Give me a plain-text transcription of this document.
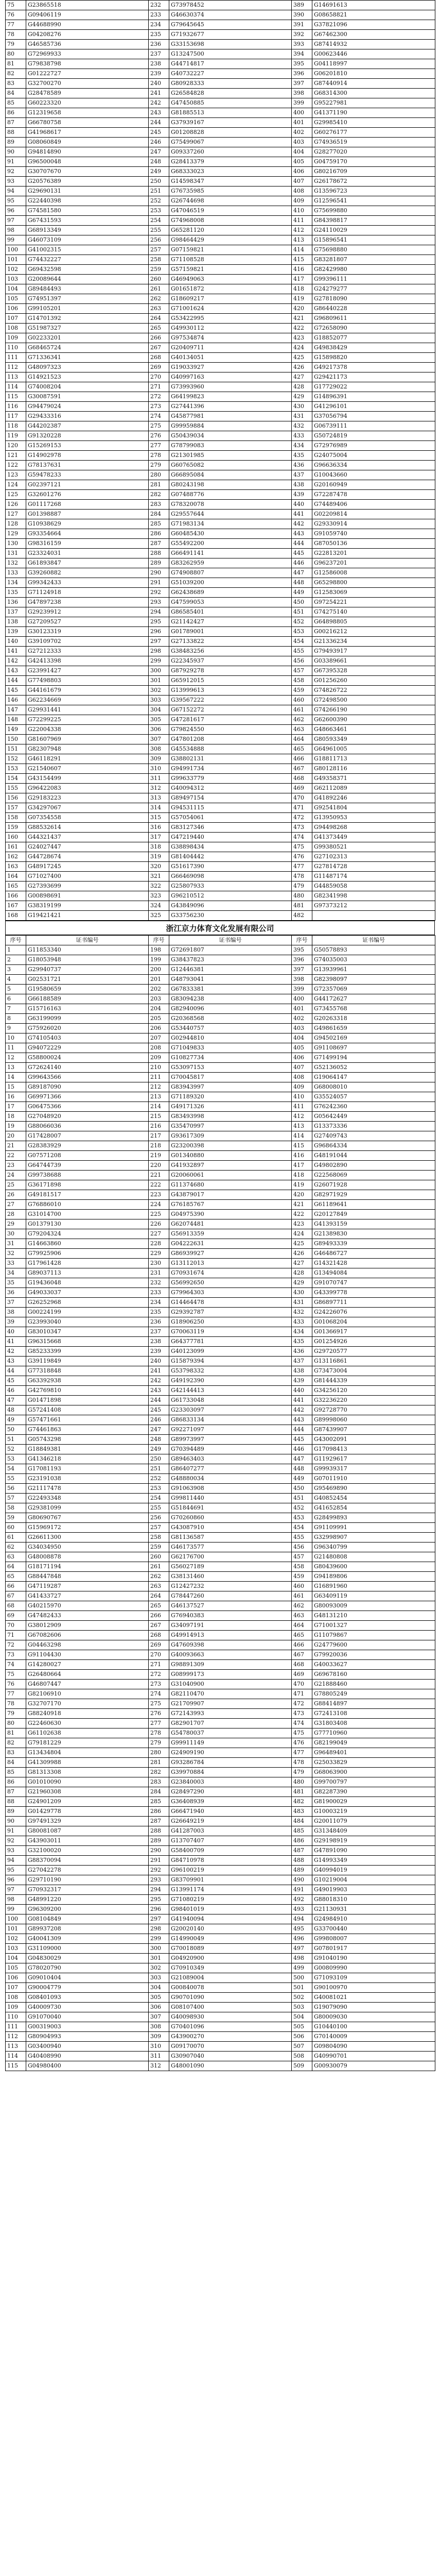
75	G23865518	232	G73978452	389	G14691613
76	G09406119	233	G46630374	390	G08658821
77	G44688990	234	G79645645	391	G37821096
78	G04208276	235	G71932677	392	G67462300
79	G46585736	236	G33153698	393	G87414932
80	G72969933	237	G13247500	394	G00623446
81	G79838798	238	G44714817	395	G04118997
82	G01222727	239	G40732227	396	G06201810
83	G32700270	240	G80928333	397	G87440914
84	G28478589	241	G26584828	398	G68314300
85	G60223320	242	G47450885	399	G95227981
86	G12319658	243	G81885513	400	G41371190
87	G66780758	244	G37939167	401	G29985410
88	G41968617	245	G01208828	402	G60276177
89	G08060849	246	G75499067	403	G74936519
90	G94814890	247	G09337260	404	G28277020
91	G96500048	248	G28413379	405	G04759170
92	G30707670	249	G68333023	406	G80216709
93	G20576389	250	G14598347	407	G26178672
94	G29690131	251	G76735985	408	G13596723
95	G22440398	252	G26744698	409	G12596541
96	G74581580	253	G47046519	410	G75699880
97	G67431593	254	G74968008	411	G84398817
98	G68913349	255	G65281120	412	G24110029
99	G46073109	256	G98464429	413	G15896541
100	G41002315	257	G07159821	414	G75698880
101	G74432227	258	G71108528	415	G83281807
102	G69432598	259	G57159821	416	G82429980
103	G20089644	260	G46949063	417	G99396111
104	G89484493	261	G01651872	418	G24279277
105	G74951397	262	G18609217	419	G27818090
106	G99105201	263	G71001624	420	G86440228
107	G14701392	264	G53422995	421	G96809611
108	G51987327	265	G49930112	422	G72658090
109	G02233201	266	G97534874	423	G18852077
110	G68465724	267	G20409711	424	G49838429
111	G71336341	268	G40134051	425	G15898820
112	G48097323	269	G19033927	426	G49217378
113	G14921523	270	G40997163	427	G29421173
114	G74008204	271	G73993960	428	G17729022
115	G30087591	272	G64199823	429	G14896391
116	G94479024	273	G27441396	430	G41296101
117	G29433316	274	G45877981	431	G37056794
118	G44202387	275	G99959884	432	G06739111
119	G91320228	276	G50439034	433	G50724819
120	G15269153	277	G78799083	434	G72976989
121	G14902978	278	G21301985	435	G24075004
122	G78137631	279	G60765082	436	G96636334
123	G59478233	280	G66895084	437	G10043660
124	G02397121	281	G80243198	438	G20160949
125	G32601276	282	G07488776	439	G72287478
126	G01117268	283	G78320078	440	G74489406
127	G01398887	284	G29557644	441	G02209814
128	G10938629	285	G71983134	442	G29330914
129	G93354664	286	G60485430	443	G91059740
130	G98316159	287	G55492200	444	G87050136
131	G23324031	288	G66491141	445	G22813201
132	G61893847	289	G83262959	446	G96237201
133	G39260882	290	G74908807	447	G12586008
134	G99342433	291	G51039200	448	G65298800
135	G71124918	292	G62438689	449	G12583069
136	G47897238	293	G47599053	450	G97254221
137	G29239912	294	G86585401	451	G74275140
138	G27209527	295	G21142427	452	G64898805
139	G30123319	296	G01789001	453	G00216212
140	G39109702	297	G27133822	454	G21336234
141	G27212333	298	G38483256	455	G79493917
142	G42413398	299	G22345937	456	G03389661
143	G23991427	300	G87929278	457	G67395328
144	G77498803	301	G65912015	458	G01256260
145	G44161679	302	G13999613	459	G74826722
146	G62234669	303	G39567222	460	G72498500
147	G29931441	304	G67152272	461	G74266190
148	G72299225	305	G47281617	462	G62600390
149	G22004338	306	G79824550	463	G48663461
150	G81607969	307	G47801208	464	G80593349
151	G82307948	308	G45534888	465	G64961005
152	G46118291	309	G38802131	466	G18811713
153	G21540607	310	G94991734	467	G80128116
154	G43154499	311	G99633779	468	G49358371
155	G96422083	312	G40094312	469	G62112089
156	G29183223	313	G89497154	470	G41892246
157	G34297067	314	G94531115	471	G92541804
158	G07354558	315	G57054061	472	G13950953
159	G88532614	316	G83127346	473	G94498268
160	G44321437	317	G47219440	474	G41373449
161	G24027447	318	G38898434	475	G99380521
162	G44728674	319	G81404442	476	G27102313
163	G48917245	320	G51617390	477	G27814728
164	G71027400	321	G66469098	478	G11487174
165	G27393699	322	G25807933	479	G44859058
166	G00898691	323	G96210512	480	G82341998
167	G38319199	324	G43849096	481	G97373212
168	G19421421	325	G33756230	482	
浙江京力体育文化发展有限公司
序号	证书编号	序号	证书编号	序号	证书编号
1	G11853340	198	G72691807	395	G50578893
2	G18053948	199	G38437823	396	G74035003
3	G29940737	200	G12446381	397	G13939961
4	G02531721	201	G48793041	398	G82398097
5	G19580659	202	G67833381	399	G72357069
6	G66188589	203	G83094238	400	G44172627
7	G15716163	204	G82940096	401	G73455768
8	G63199099	205	G20368568	402	G20263318
9	G75926020	206	G53440757	403	G49861659
10	G74105403	207	G02944810	404	G94502169
11	G94072229	208	G71049833	405	G91108697
12	G58800024	209	G10827734	406	G71499194
13	G72624140	210	G53097153	407	G52136052
14	G99643566	211	G70045817	408	G19064147
15	G89187090	212	G83943997	409	G68008010
16	G69971366	213	G71189320	410	G35524057
17	G06475366	214	G49171326	411	G76242360
18	G27048920	215	G83493998	412	G05642449
19	G88066036	216	G35470997	413	G13373336
20	G17428007	217	G93617309	414	G27409743
21	G28383929	218	G23200398	415	G96864334
22	G07571208	219	G01340880	416	G48191044
23	G64744739	220	G41932897	417	G49802890
24	G99738688	221	G20060061	418	G22568069
25	G36171898	222	G11374680	419	G26071928
26	G49181517	223	G43879017	420	G82971929
27	G76886010	224	G76185767	421	G61189641
28	G31014700	225	G04975390	422	G20127849
29	G01379130	226	G62074481	423	G41393159
30	G79204324	227	G56913359	424	G21389830
31	G14663860	228	G04222631	425	G89493339
32	G79925906	229	G86939927	426	G46486727
33	G17961428	230	G13112013	427	G14321428
34	G89037113	231	G70931674	428	G13494084
35	G19436048	232	G56992650	429	G91070747
36	G49033037	233	G79964303	430	G43399778
37	G26252968	234	G14464478	431	G86897711
38	G00224199	235	G29392787	432	G24226076
39	G23993040	236	G18906250	433	G01068204
40	G83010347	237	G70063119	434	G01366917
41	G96315668	238	G64377781	435	G01254926
42	G85233399	239	G40123099	436	G29720577
43	G39119849	240	G15879394	437	G13116861
44	G77318848	241	G53798332	438	G73473004
45	G63392938	242	G49192390	439	G81444339
46	G42769810	243	G42144413	440	G34256120
47	G01471898	244	G61733048	441	G32236220
48	G57241408	245	G23303097	442	G92728770
49	G57471661	246	G86833134	443	G89998060
50	G74461863	247	G92271097	444	G87439907
51	G05743298	248	G89973997	445	G43002091
52	G18849381	249	G70394489	446	G17098413
53	G41346218	250	G89463403	447	G11929617
54	G17081193	251	G86407277	448	G99939317
55	G23191038	252	G48880034	449	G07011910
56	G21117478	253	G91063908	450	G95469890
57	G22493348	254	G99811440	451	G40852454
58	G29381099	255	G51844691	452	G41652854
59	G80690767	256	G70260860	453	G28499893
60	G15969172	257	G43087910	454	G91109991
61	G26611300	258	G81136587	455	G32998907
62	G34034950	259	G46173577	456	G96340799
63	G48008878	260	G62176700	457	G21480808
64	G18171194	261	G56027189	458	G80439600
65	G88447848	262	G38131460	459	G94189806
66	G47119287	263	G12427232	460	G16891960
67	G41433727	264	G78447260	461	G63409119
68	G40215970	265	G46137527	462	G80093009
69	G47482433	266	G76940383	463	G48131210
70	G38012909	267	G34097191	464	G71001327
71	G67082606	268	G49914913	465	G11079867
72	G04463298	269	G47609398	466	G24779600
73	G91104430	270	G40093663	467	G79920036
74	G14280027	271	G98891309	468	G40033627
75	G26480664	272	G08999173	469	G69678160
76	G46807447	273	G31040900	470	G21888460
77	G82106910	274	G82110470	471	G78805249
78	G32707170	275	G21709907	472	G88414897
79	G88240918	276	G72143993	473	G72413108
80	G22460630	277	G82901707	474	G31803408
81	G61102638	278	G54780037	475	G77710960
82	G79181229	279	G99911149	476	G82199049
83	G13434804	280	G24909190	477	G96489401
84	G41309988	281	G93286784	478	G25033829
85	G81313308	282	G39970884	479	G68063900
86	G01010090	283	G23840003	480	G99700797
87	G21960308	284	G28497290	481	G82287390
88	G24901209	285	G36408939	482	G81900029
89	G01429778	286	G66471940	483	G10003219
90	G97491329	287	G26649219	484	G20011079
91	G80081087	288	G41287003	485	G31348409
92	G43903011	289	G13707407	486	G29198919
93	G32100020	290	G58400709	487	G47891090
94	G88370094	291	G84710978	488	G14993349
95	G27042278	292	G96100219	489	G40994019
96	G29710190	293	G83709901	490	G10219004
97	G70932317	294	G13991174	491	G49019903
98	G48991220	295	G71080219	492	G88018310
99	G96309200	296	G98401019	493	G21130931
100	G08104849	297	G41940094	494	G24984910
101	G89937208	298	G20020140	495	G33700440
102	G40041309	299	G14990049	496	G99808007
103	G31109000	300	G70018089	497	G07801917
104	G04830029	301	G04920900	498	G91040190
105	G78020790	302	G70910349	499	G00809990
106	G09010404	303	G21089004	500	G71093109
107	G90004779	304	G00840078	501	G90100970
108	G08401093	305	G90701090	502	G40081021
109	G40009730	306	G08107400	503	G19079090
110	G91070040	307	G40098930	504	G80009030
111	G00319003	308	G70401096	505	G10440100
112	G80904993	309	G43900270	506	G70140009
113	G03400940	310	G09170070	507	G09804090
114	G40408990	311	G30907040	508	G40990701
115	G04980400	312	G48001090	509	G00930079
